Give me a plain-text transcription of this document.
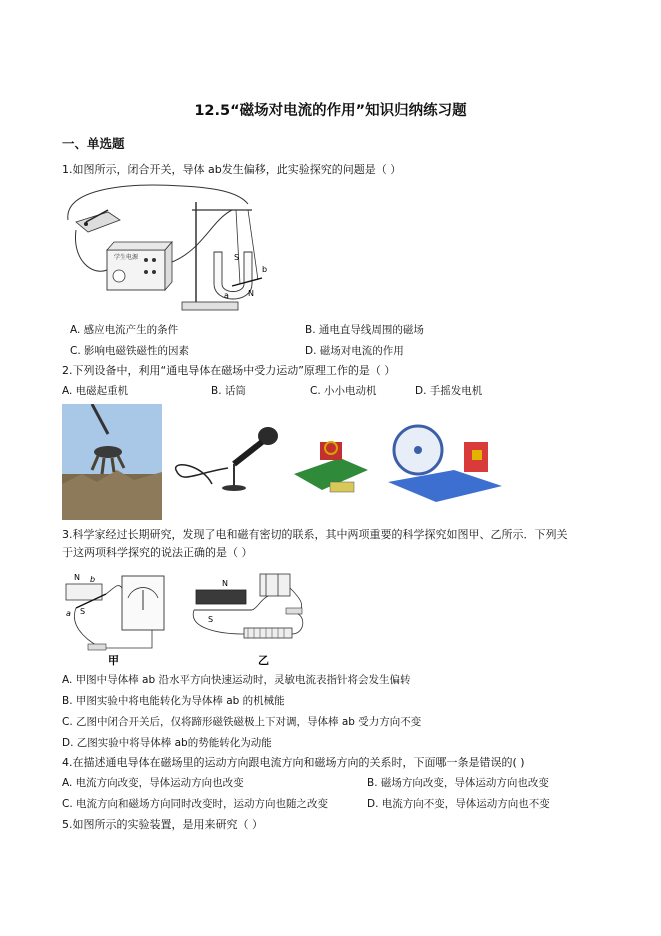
12.5“磁场对电流的作用”知识归纳练习题
一、单选题
1.如图所示，闭合开关，导体 ab发生偏移，此实验探究的问题是（ ）
学生电源	S
b
a N
A. 感应电流产生的条件	B. 通电直导线周围的磁场
C. 影响电磁铁磁性的因素	D. 磁场对电流的作用
2.下列设备中，利用“通电导体在磁场中受力运动”原理工作的是（ ）
A. 电磁起重机	B. 话筒	C. 小小电动机	D. 手摇发电机
3.科学家经过长期研究，发现了电和磁有密切的联系，其中两项重要的科学探究如图甲、乙所示．下列关
于这两项科学探究的说法正确的是（ ）
N b
S
a
甲
N
S
乙
A. 甲图中导体棒 ab 沿水平方向快速运动时，灵敏电流表指针将会发生偏转
B. 甲图实验中将电能转化为导体棒 ab 的机械能
C. 乙图中闭合开关后，仅将蹄形磁铁磁极上下对调，导体棒 ab 受力方向不变
D. 乙图实验中将导体棒 ab的势能转化为动能
4.在描述通电导体在磁场里的运动方向跟电流方向和磁场方向的关系时，下面哪一条是错误的( )
A. 电流方向改变，导体运动方向也改变	B. 磁场方向改变，导体运动方向也改变
C. 电流方向和磁场方向同时改变时，运动方向也随之改变	D. 电流方向不变，导体运动方向也不变
5.如图所示的实验装置，是用来研究（ ）
